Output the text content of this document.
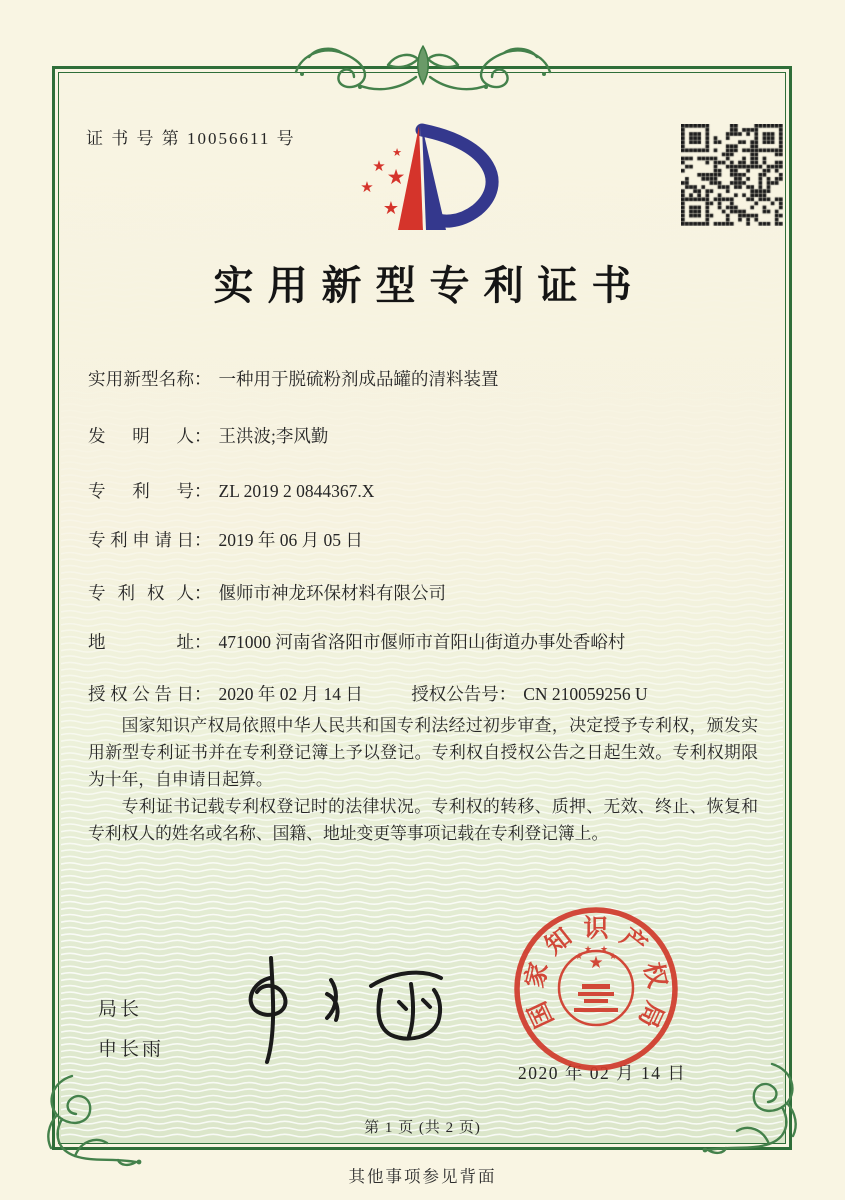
证 书 号 第 10056611 号
★
★ ★
★
★
实用新型专利证书
实用新型名称： 一种用于脱硫粉剂成品罐的清料装置
发明人： 王洪波;李风勤
专利号： ZL 2019 2 0844367.X
专利申请日： 2019 年 06 月 05 日
专利权人： 偃师市神龙环保材料有限公司
地址： 471000 河南省洛阳市偃师市首阳山街道办事处香峪村
授权公告日： 2020 年 02 月 14 日	授权公告号： CN 210059256 U

国家知识产权局依照中华人民共和国专利法经过初步审查，决定授予专利权，颁发实用新型专利证书并在专利登记簿上予以登记。专利权自授权公告之日起生效。专利权期限为十年，自申请日起算。

专利证书记载专利权登记时的法律状况。专利权的转移、质押、无效、终止、恢复和专利权人的姓名或名称、国籍、地址变更等事项记载在专利登记簿上。

局长
申长雨
2020 年 02 月 14 日
国
家
知 识 产
权
局
★
★
★ ★
★
第 1 页 (共 2 页)
其他事项参见背面
